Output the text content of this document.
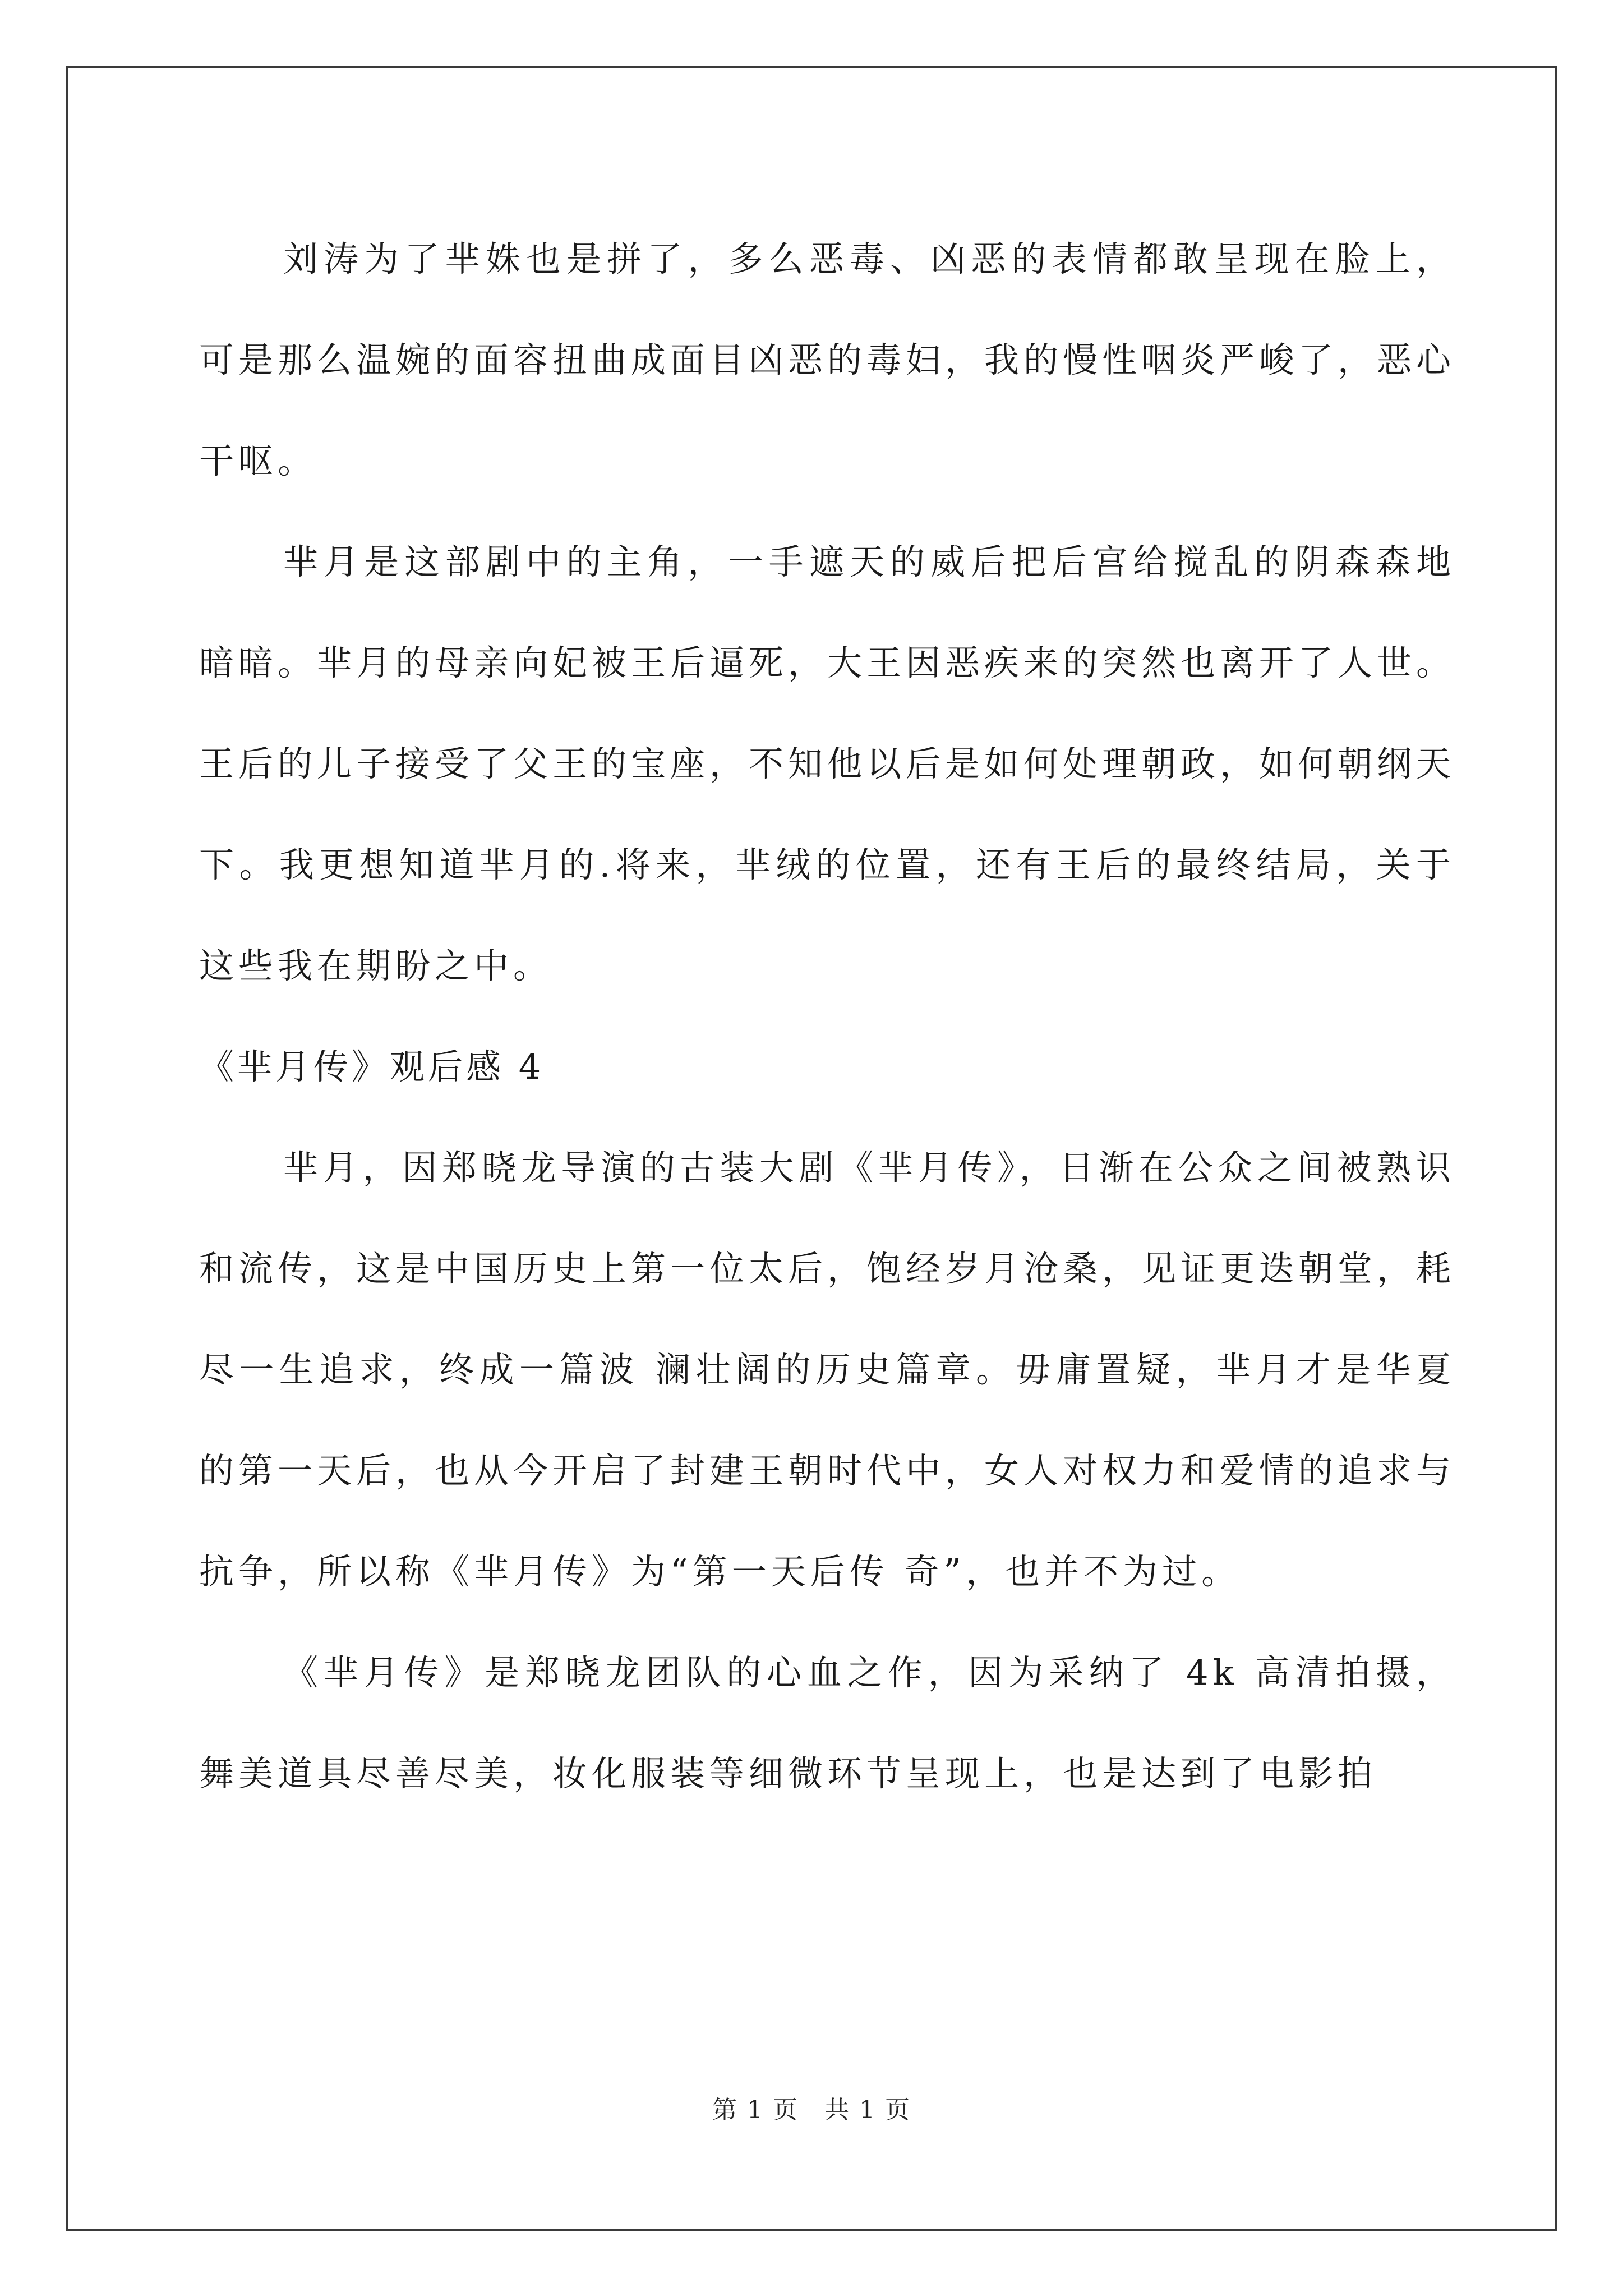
刘涛为了芈姝也是拼了，多么恶毒、凶恶的表情都敢呈现在脸上，可是那么温婉的面容扭曲成面目凶恶的毒妇，我的慢性咽炎严峻了，恶心干呕。

芈月是这部剧中的主角，一手遮天的威后把后宫给搅乱的阴森森地暗暗。芈月的母亲向妃被王后逼死，大王因恶疾来的突然也离开了人世。王后的儿子接受了父王的宝座，不知他以后是如何处理朝政，如何朝纲天下。我更想知道芈月的.将来，芈绒的位置，还有王后的最终结局，关于这些我在期盼之中。

《芈月传》观后感 4

芈月，因郑晓龙导演的古装大剧《芈月传》，日渐在公众之间被熟识和流传，这是中国历史上第一位太后，饱经岁月沧桑，见证更迭朝堂，耗尽一生追求，终成一篇波 澜壮阔的历史篇章。毋庸置疑，芈月才是华夏的第一天后，也从今开启了封建王朝时代中，女人对权力和爱情的追求与抗争，所以称《芈月传》为“第一天后传 奇”，也并不为过。

《芈月传》是郑晓龙团队的心血之作，因为采纳了 4k 高清拍摄，舞美道具尽善尽美，妆化服装等细微环节呈现上，也是达到了电影拍

第 1 页　共 1 页
